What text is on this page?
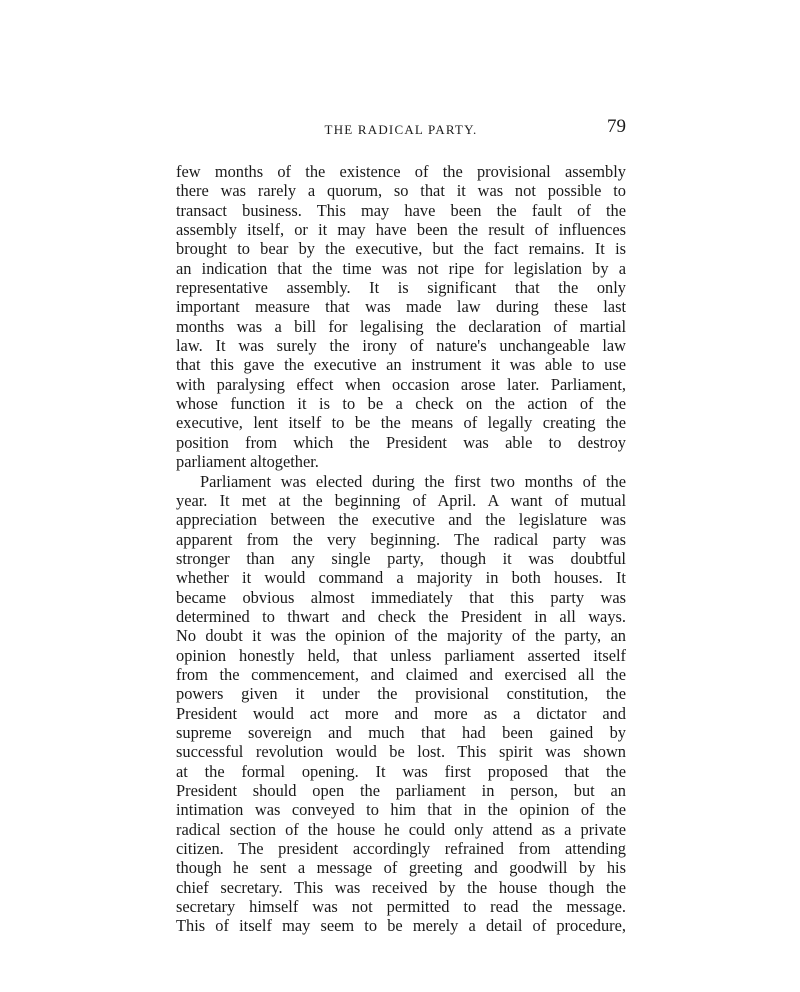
THE RADICAL PARTY.	79
few months of the existence of the provisional assembly
there was rarely a quorum, so that it was not possible to
transact business. This may have been the fault of the
assembly itself, or it may have been the result of influences
brought to bear by the executive, but the fact remains. It is
an indication that the time was not ripe for legislation by a
representative assembly. It is significant that the only
important measure that was made law during these last
months was a bill for legalising the declaration of martial
law. It was surely the irony of nature's unchangeable law
that this gave the executive an instrument it was able to use
with paralysing effect when occasion arose later. Parliament,
whose function it is to be a check on the action of the
executive, lent itself to be the means of legally creating the
position from which the President was able to destroy
parliament altogether.
Parliament was elected during the first two months of the
year. It met at the beginning of April. A want of mutual
appreciation between the executive and the legislature was
apparent from the very beginning. The radical party was
stronger than any single party, though it was doubtful
whether it would command a majority in both houses. It
became obvious almost immediately that this party was
determined to thwart and check the President in all ways.
No doubt it was the opinion of the majority of the party, an
opinion honestly held, that unless parliament asserted itself
from the commencement, and claimed and exercised all the
powers given it under the provisional constitution, the
President would act more and more as a dictator and
supreme sovereign and much that had been gained by
successful revolution would be lost. This spirit was shown
at the formal opening. It was first proposed that the
President should open the parliament in person, but an
intimation was conveyed to him that in the opinion of the
radical section of the house he could only attend as a private
citizen. The president accordingly refrained from attending
though he sent a message of greeting and goodwill by his
chief secretary. This was received by the house though the
secretary himself was not permitted to read the message.
This of itself may seem to be merely a detail of procedure,
